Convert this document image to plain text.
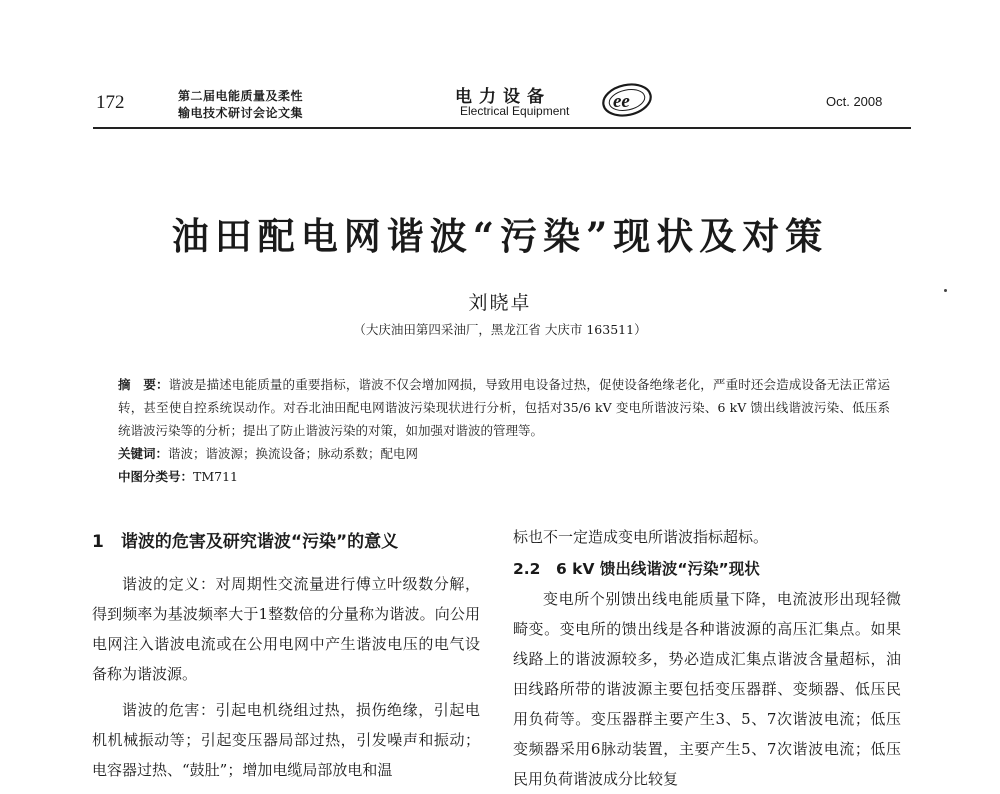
172	第二届电能质量及柔性
输电技术研讨会论文集
电力设备
Electrical Equipment ee	Oct. 2008
油田配电网谐波“污染”现状及对策
刘晓卓
（大庆油田第四采油厂，黑龙江省 大庆市 163511）

摘　要：谐波是描述电能质量的重要指标，谐波不仅会增加网损，导致用电设备过热，促使设备绝缘老化，严重时还会造成设备无法正常运转，甚至使自控系统误动作。对吞北油田配电网谐波污染现状进行分析，包括对35/6 kV 变电所谐波污染、6 kV 馈出线谐波污染、低压系统谐波污染等的分析；提出了防止谐波污染的对策，如加强对谐波的管理等。

关键词：谐波；谐波源；换流设备；脉动系数；配电网

中图分类号：TM711

1　谐波的危害及研究谐波“污染”的意义

谐波的定义：对周期性交流量进行傅立叶级数分解，得到频率为基波频率大于1整数倍的分量称为谐波。向公用电网注入谐波电流或在公用电网中产生谐波电压的电气设备称为谐波源。

谐波的危害：引起电机绕组过热，损伤绝缘，引起电机机械振动等；引起变压器局部过热，引发噪声和振动；电容器过热、“鼓肚”；增加电缆局部放电和温

标也不一定造成变电所谐波指标超标。

2.2　6 kV 馈出线谐波“污染”现状

变电所个别馈出线电能质量下降，电流波形出现轻微畸变。变电所的馈出线是各种谐波源的高压汇集点。如果线路上的谐波源较多，势必造成汇集点谐波含量超标，油田线路所带的谐波源主要包括变压器群、变频器、低压民用负荷等。变压器群主要产生3、5、7次谐波电流；低压变频器采用6脉动装置，主要产生5、7次谐波电流；低压民用负荷谐波成分比较复
